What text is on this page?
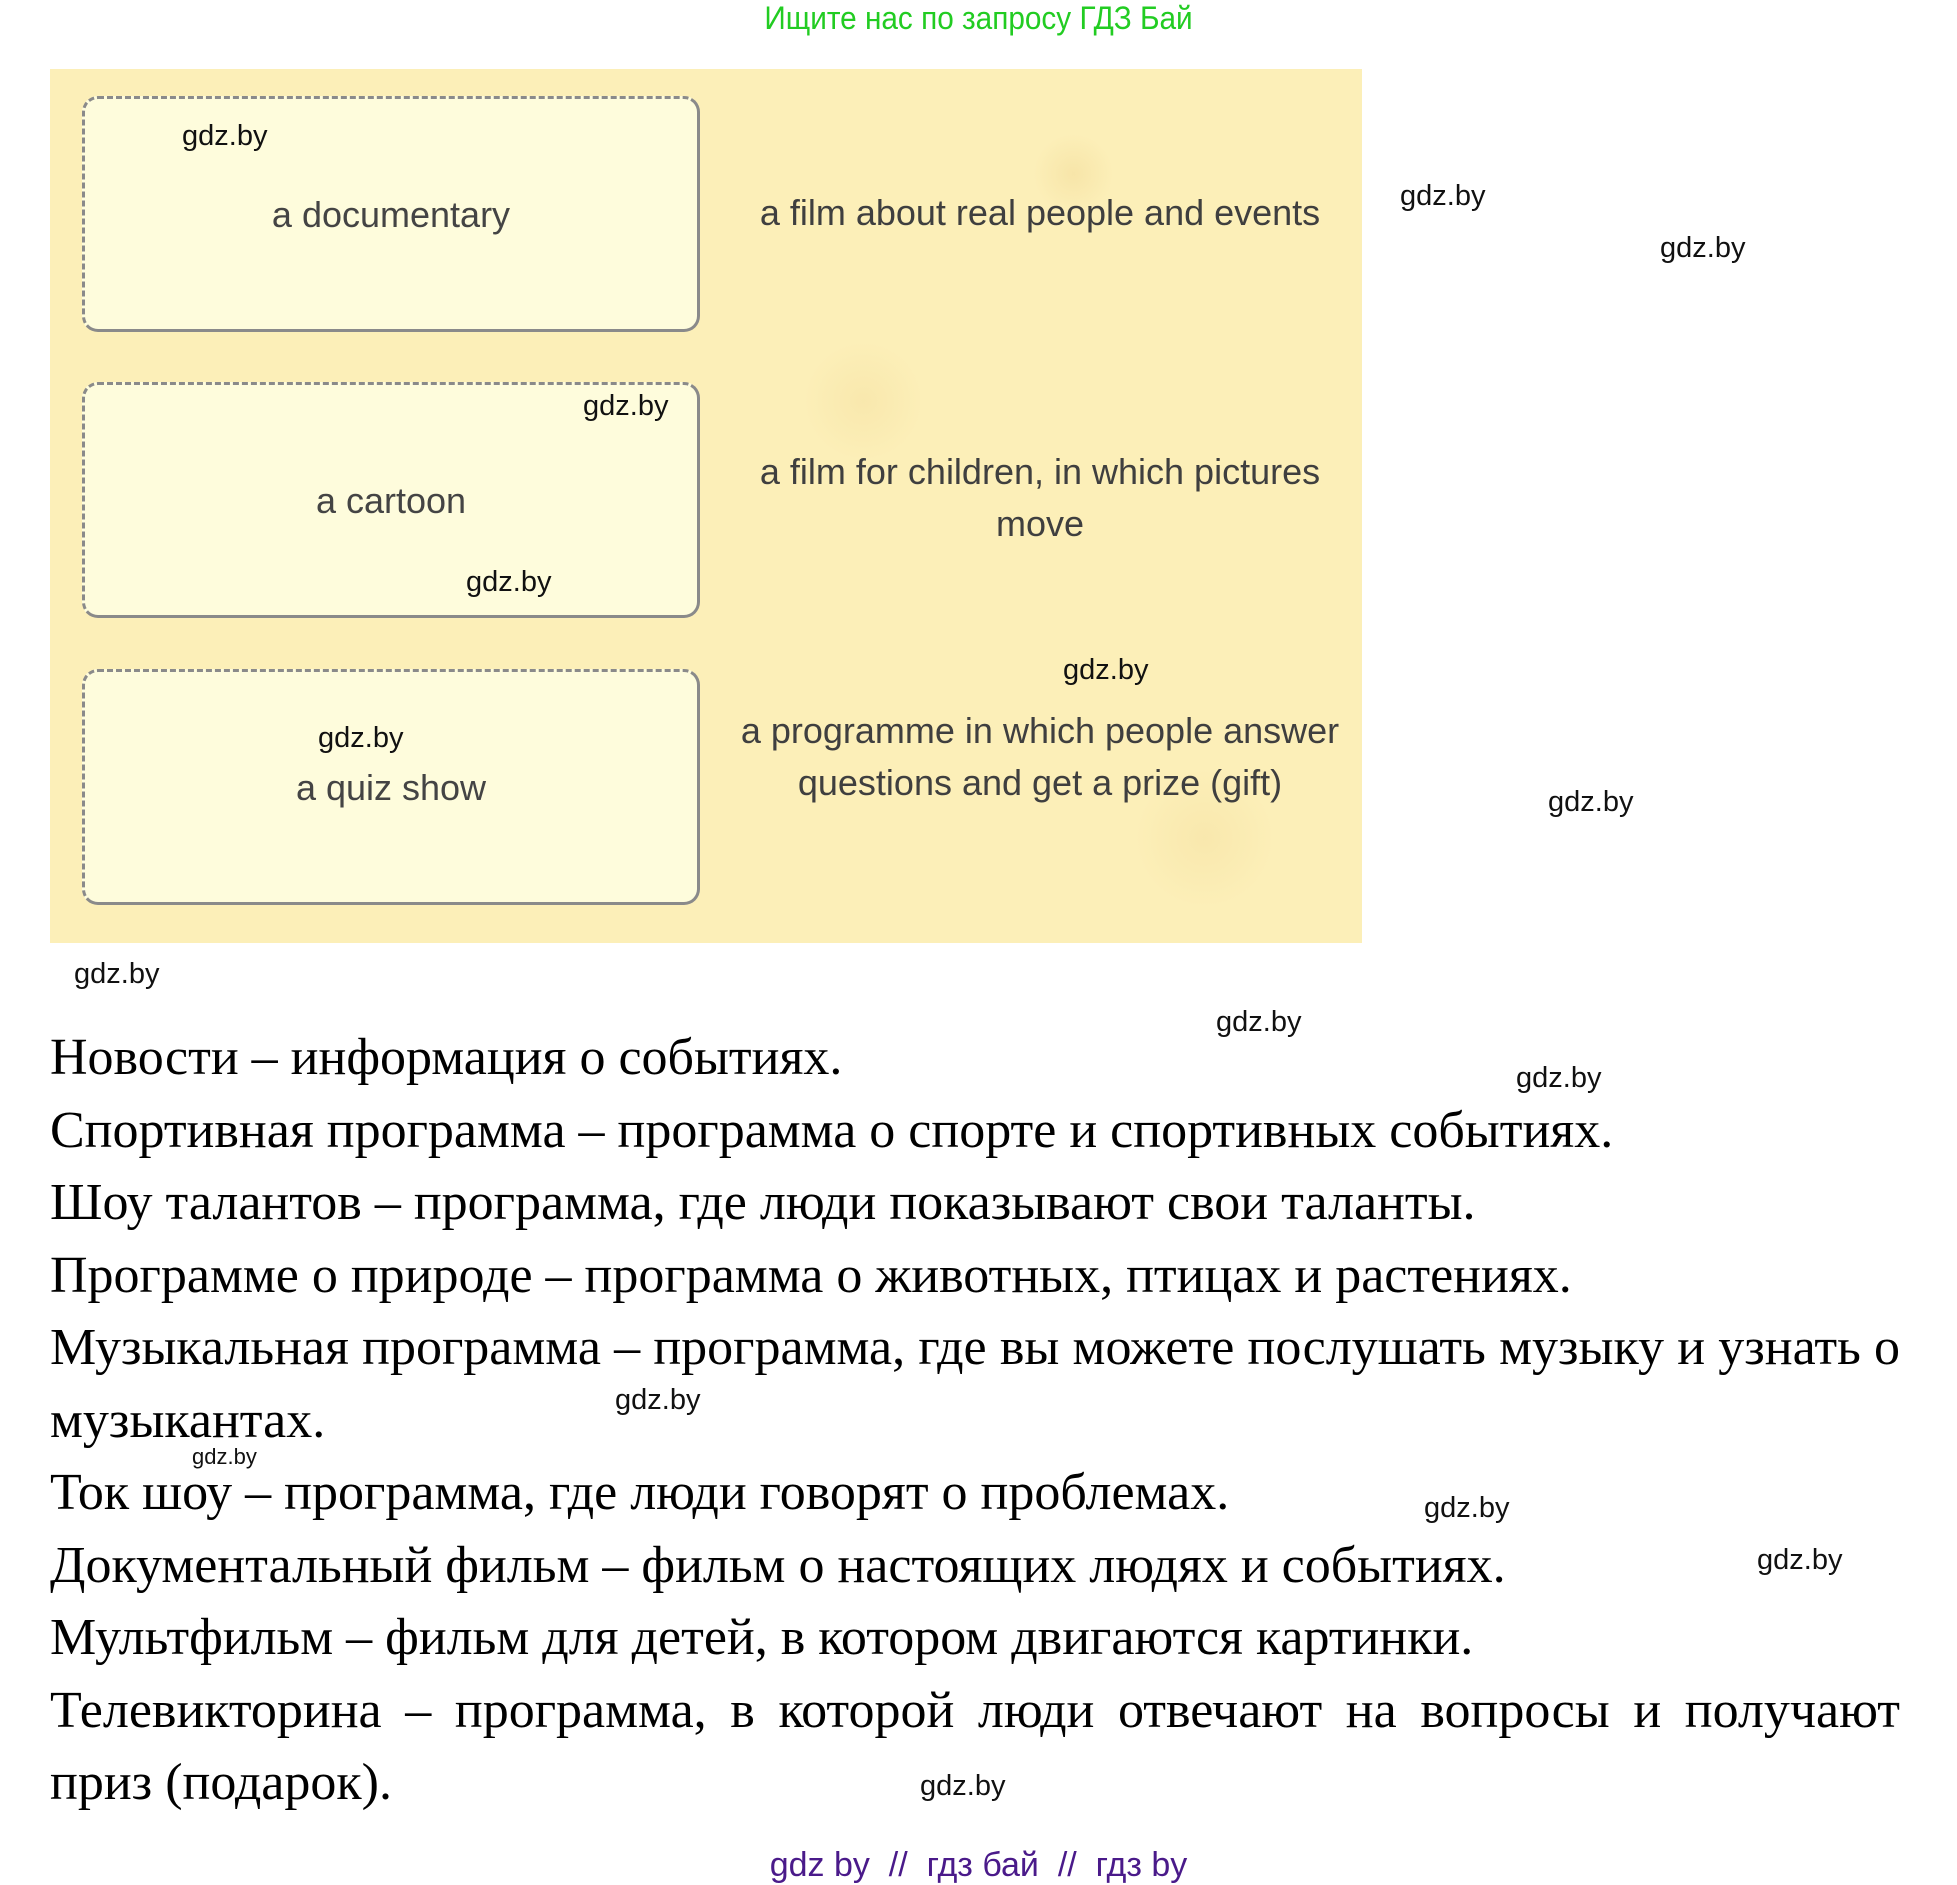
Ищите нас по запросу ГДЗ Бай
a documentary	a film about real people and events
a cartoon
a film for children, in which pictures move
a quiz show
a programme in which people answer questions and get a prize (gift)
gdz.by
gdz.by
gdz.by
gdz.by
gdz.by
gdz.by
gdz.by
gdz.by
gdz.by
gdz.by
gdz.by
gdz.by
gdz.by
gdz.by
gdz.by
gdz.by

Новости – информация о событиях.

Спортивная программа – программа о спорте и спортивных событиях.

Шоу талантов – программа, где люди показывают свои таланты.

Программе о природе – программа о животных, птицах и растениях.

Музыкальная программа – программа, где вы можете послушать музыку и узнать о музыкантах.

Ток шоу – программа, где люди говорят о проблемах.

Документальный фильм – фильм о настоящих людях и событиях.

Мультфильм – фильм для детей, в котором двигаются картинки.

Телевикторина – программа, в которой люди отвечают на вопросы и получают приз (подарок).

gdz by  //  гдз бай  //  гдз by
